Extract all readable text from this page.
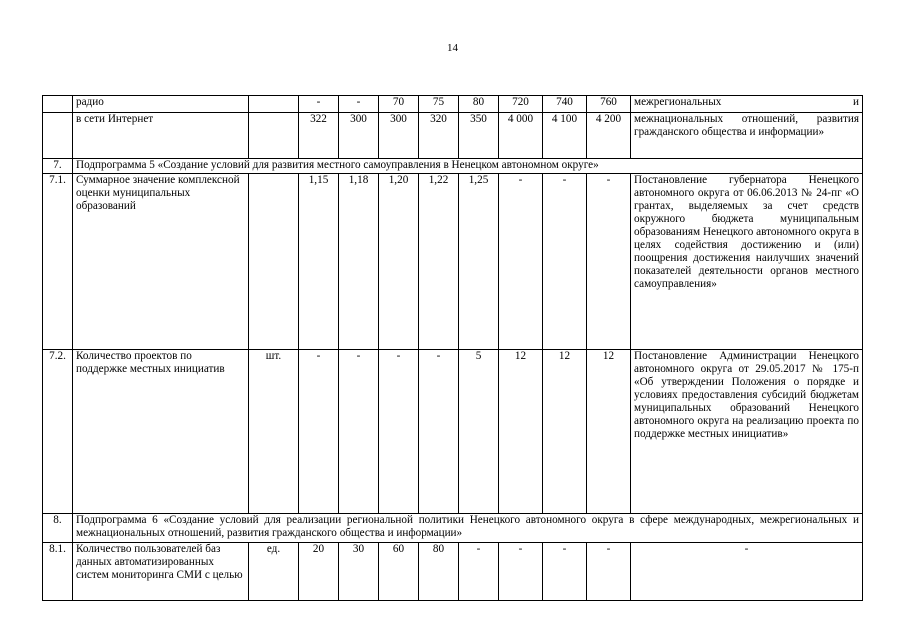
14
	радио		-	-	70	75	80	720	740	760	межрегиональных и
	в сети Интернет		322	300	300	320	350	4 000	4 100	4 200	межнациональных отношений, развития гражданского общества и информации»
7.	Подпрограмма 5 «Создание условий для развития местного самоуправления в Ненецком автономном округе»										
7.1.	Суммарное значение комплексной оценки муниципальных образований		1,15	1,18	1,20	1,22	1,25	-	-	-	Постановление губернатора Ненецкого автономного округа от 06.06.2013 № 24-пг «О грантах, выделяемых за счет средств окружного бюджета муниципальным образованиям Ненецкого автономного округа в целях содействия достижению и (или) поощрения достижения наилучших значений показателей деятельности органов местного самоуправления»
7.2.	Количество проектов по поддержке местных инициатив	шт.	-	-	-	-	5	12	12	12	Постановление Администрации Ненецкого автономного округа от 29.05.2017 № 175-п «Об утверждении Положения о порядке и условиях предоставления субсидий бюджетам муниципальных образований Ненецкого автономного округа на реализацию проекта по поддержке местных инициатив»
8.	Подпрограмма 6 «Создание условий для реализации региональной политики Ненецкого автономного округа в сфере международных, межрегиональных и межнациональных отношений, развития гражданского общества и информации»										
8.1.	Количество пользователей баз данных автоматизированных систем мониторинга СМИ с целью	ед.	20	30	60	80	-	-	-	-	-
